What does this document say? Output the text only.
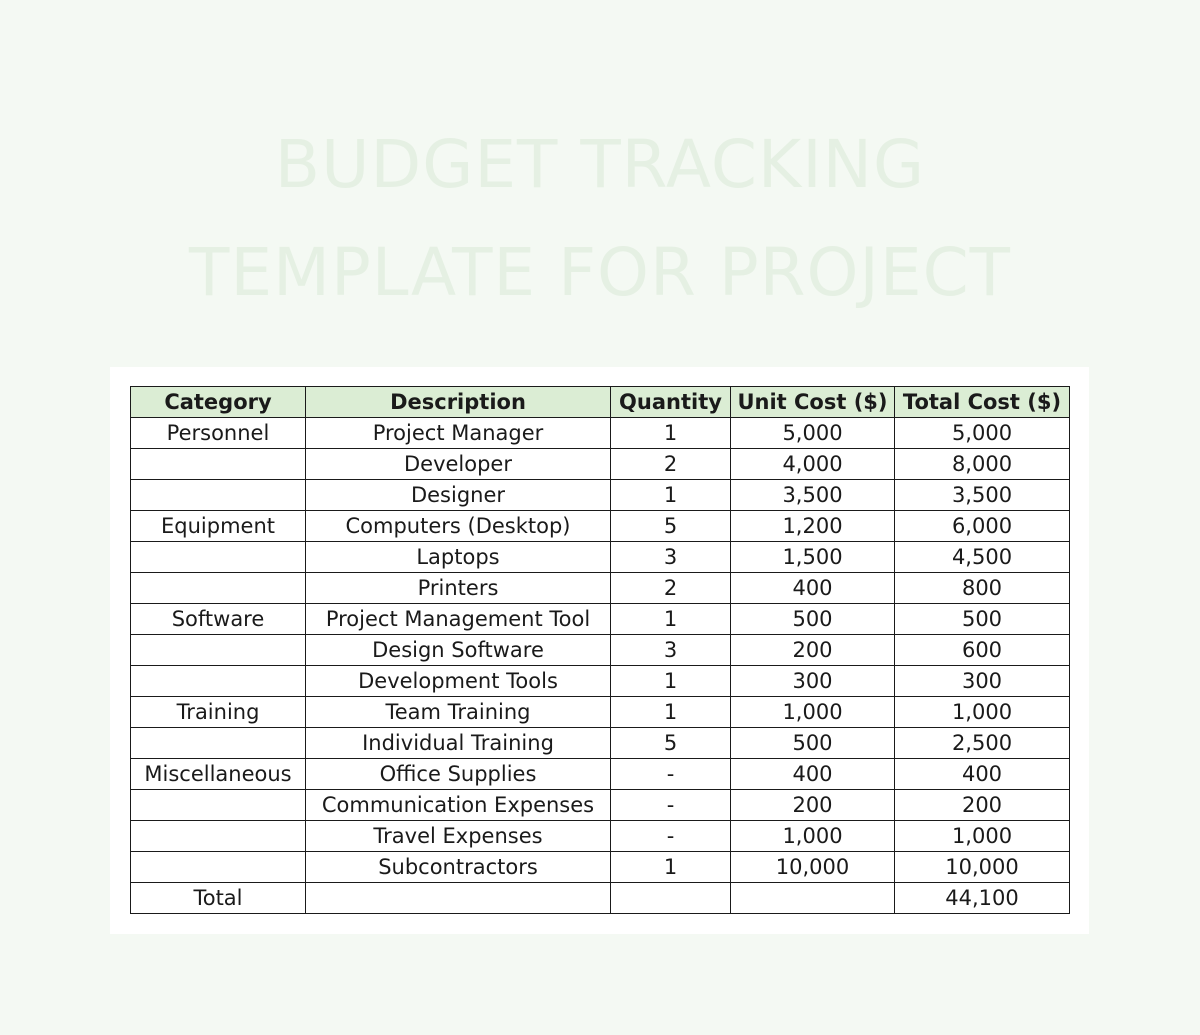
BUDGET TRACKING
TEMPLATE FOR PROJECT
Category	Description	Quantity	Unit Cost ($)	Total Cost ($)
Personnel	Project Manager	1	5,000	5,000
	Developer	2	4,000	8,000
	Designer	1	3,500	3,500
Equipment	Computers (Desktop)	5	1,200	6,000
	Laptops	3	1,500	4,500
	Printers	2	400	800
Software	Project Management Tool	1	500	500
	Design Software	3	200	600
	Development Tools	1	300	300
Training	Team Training	1	1,000	1,000
	Individual Training	5	500	2,500
Miscellaneous	Office Supplies	-	400	400
	Communication Expenses	-	200	200
	Travel Expenses	-	1,000	1,000
	Subcontractors	1	10,000	10,000
Total				44,100
